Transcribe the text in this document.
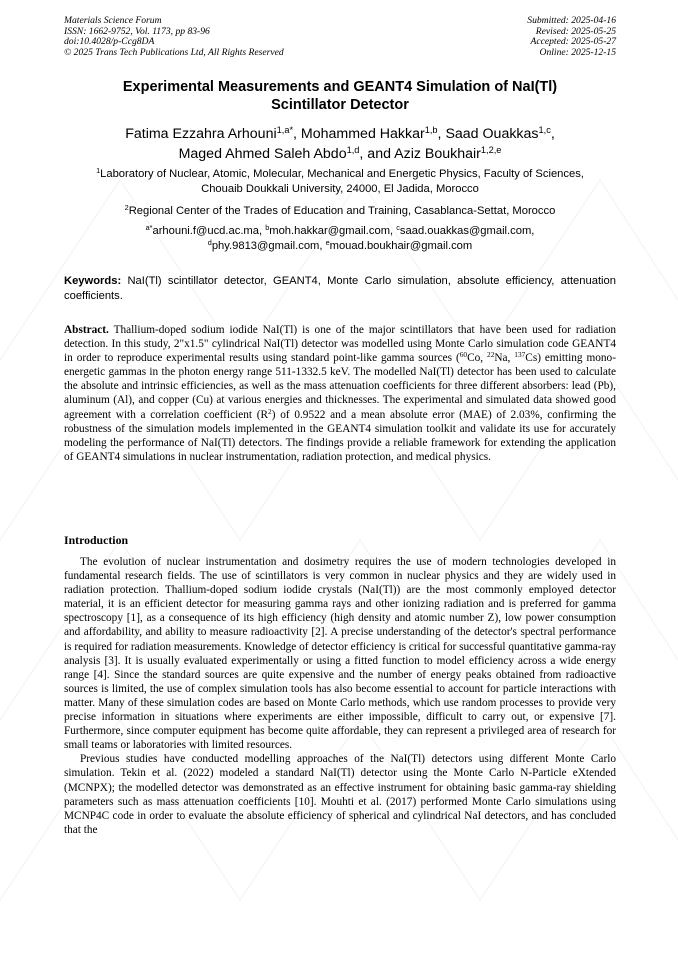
Materials Science Forum
ISSN: 1662-9752, Vol. 1173, pp 83-96
doi:10.4028/p-Ccg8DA
© 2025 Trans Tech Publications Ltd, All Rights Reserved
Submitted: 2025-04-16
Revised: 2025-05-25
Accepted: 2025-05-27
Online: 2025-12-15
Experimental Measurements and GEANT4 Simulation of NaI(Tl)
Scintillator Detector
Fatima Ezzahra Arhouni$^{1,a*}$, Mohammed Hakkar$^{1,b}$, Saad Ouakkas$^{1,c}$,
Maged Ahmed Saleh Abdo$^{1,d}$, and Aziz Boukhair$^{1,2,e}$
$^1$Laboratory of Nuclear, Atomic, Molecular, Mechanical and Energetic Physics, Faculty of Sciences,
Chouaib Doukkali University, 24000, El Jadida, Morocco
$^2$Regional Center of the Trades of Education and Training, Casablanca-Settat, Morocco
$^{a*}$arhouni.f@ucd.ac.ma, $^b$moh.hakkar@gmail.com, $^c$saad.ouakkas@gmail.com,
$^d$phy.9813@gmail.com, $^e$mouad.boukhair@gmail.com
Keywords: NaI(Tl) scintillator detector, GEANT4, Monte Carlo simulation, absolute efficiency, attenuation coefficients.
Abstract. Thallium-doped sodium iodide NaI(Tl) is one of the major scintillators that have been used for radiation detection. In this study, 2"x1.5" cylindrical NaI(Tl) detector was modelled using Monte Carlo simulation code GEANT4 in order to reproduce experimental results using standard point-like gamma sources ($^{60}$Co, $^{22}$Na, $^{137}$Cs) emitting mono-energetic gammas in the photon energy range 511-1332.5 keV. The modelled NaI(Tl) detector has been used to calculate the absolute and intrinsic efficiencies, as well as the mass attenuation coefficients for three different absorbers: lead (Pb), aluminum (Al), and copper (Cu) at various energies and thicknesses. The experimental and simulated data showed good agreement with a correlation coefficient $(R^2)$ of 0.9522 and a mean absolute error (MAE) of 2.03%, confirming the robustness of the simulation models implemented in the GEANT4 simulation toolkit and validate its use for accurately modeling the performance of NaI(Tl) detectors. The findings provide a reliable framework for extending the application of GEANT4 simulations in nuclear instrumentation, radiation protection, and medical physics.
Introduction

The evolution of nuclear instrumentation and dosimetry requires the use of modern technologies developed in fundamental research fields. The use of scintillators is very common in nuclear physics and they are widely used in radiation protection. Thallium-doped sodium iodide crystals (NaI(Tl)) are the most commonly employed detector material, it is an efficient detector for measuring gamma rays and other ionizing radiation and is preferred for gamma spectroscopy [1], as a consequence of its high efficiency (high density and atomic number Z), low power consumption and affordability, and ability to measure radioactivity [2]. A precise understanding of the detector's spectral performance is required for radiation measurements. Knowledge of detector efficiency is critical for successful quantitative gamma-ray analysis [3]. It is usually evaluated experimentally or using a fitted function to model efficiency across a wide energy range [4]. Since the standard sources are quite expensive and the number of energy peaks obtained from radioactive sources is limited, the use of complex simulation tools has also become essential to account for particle interactions with matter. Many of these simulation codes are based on Monte Carlo methods, which use random processes to provide very precise information in situations where experiments are either impossible, difficult to carry out, or expensive [7]. Furthermore, since computer equipment has become quite affordable, they can represent a privileged area of research for small teams or laboratories with limited resources.

Previous studies have conducted modelling approaches of the NaI(Tl) detectors using different Monte Carlo simulation. Tekin et al. (2022) modeled a standard NaI(Tl) detector using the Monte Carlo N-Particle eXtended (MCNPX); the modelled detector was demonstrated as an effective instrument for obtaining basic gamma-ray shielding parameters such as mass attenuation coefficients [10]. Mouhti et al. (2017) performed Monte Carlo simulations using MCNP4C code in order to evaluate the absolute efficiency of spherical and cylindrical NaI detectors, and has concluded that the
